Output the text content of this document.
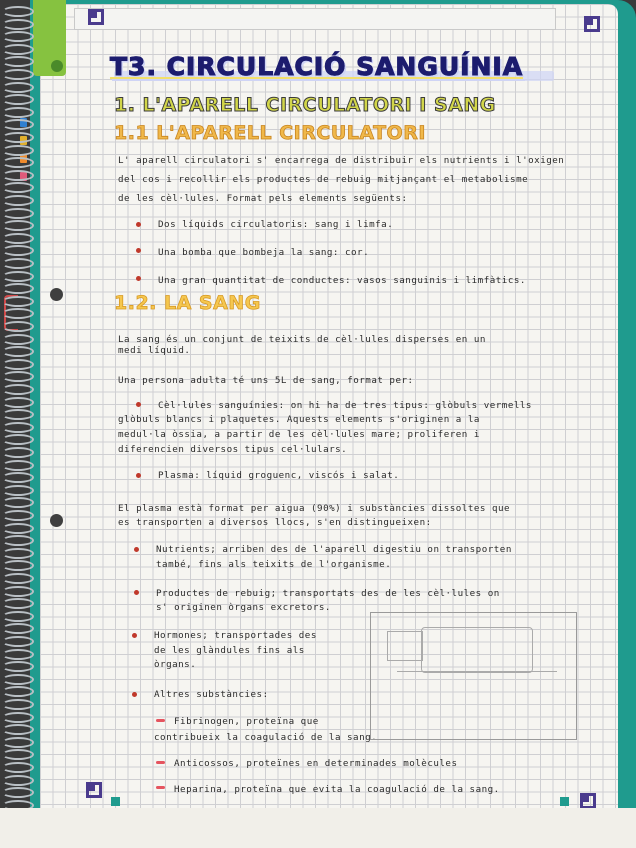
T3. CIRCULACIÓ SANGUÍNIA
1. L'APARELL CIRCULATORI I SANG
1.1 L'APARELL CIRCULATORI
L' aparell circulatori s' encarrega de distribuir els nutrients i l'oxigen
del cos i recollir els productes de rebuig mitjançant el metabolisme
de les cèl·lules. Format pels elements següents:
Dos líquids circulatoris: sang i limfa.
Una bomba que bombeja la sang: cor.
Una gran quantitat de conductes: vasos sanguinis i limfàtics.
1.2. LA SANG
La sang és un conjunt de teixits de cèl·lules disperses en un
medi líquid.
Una persona adulta té uns 5L de sang, format per:
Cèl·lules sanguínies: on hi ha de tres tipus: glòbuls vermells
glòbuls blancs i plaquetes. Aquests elements s'originen a la
medul·la òssia, a partir de les cèl·lules mare; proliferen i
diferencien diversos tipus cel·lulars.
Plasma: líquid groguenc, viscós i salat.
El plasma està format per aigua (90%) i substàncies dissoltes que
es transporten a diversos llocs, s'en distingueixen:
Nutrients; arriben des de l'aparell digestiu on transporten
també, fins als teixits de l'organisme.
Productes de rebuig; transportats des de les cèl·lules on
s' originen òrgans excretors.
Hormones; transportades des
de les glàndules fins als
òrgans.
Altres substàncies:
Fibrinogen, proteïna que
contribueix la coagulació de la sang.
Anticossos, proteïnes en determinades molècules
Heparina, proteïna que evita la coagulació de la sang.
